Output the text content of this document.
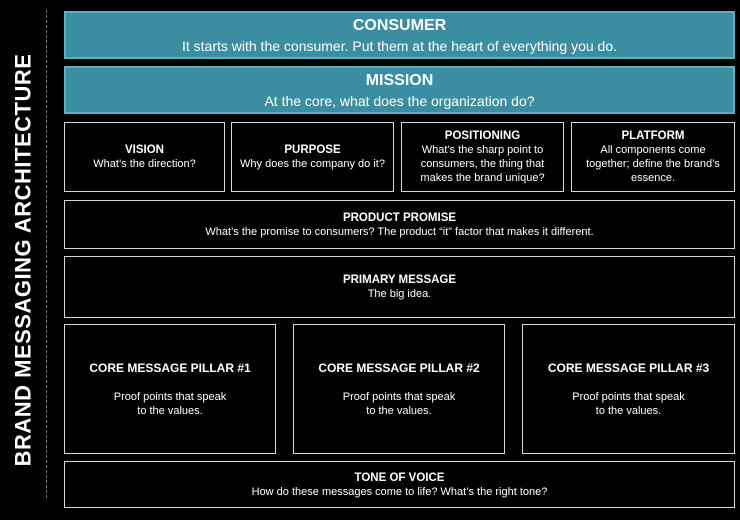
BRAND MESSAGING ARCHITECTURE
CONSUMER
It starts with the consumer. Put them at the heart of everything you do.
MISSION
At the core, what does the organization do?
VISION
What’s the direction?
PURPOSE
Why does the company do it?
POSITIONING
What’s the sharp point to consumers, the thing that makes the brand unique?
PLATFORM
All components come together; define the brand’s essence.
PRODUCT PROMISE
What’s the promise to consumers? The product “it” factor that makes it different.
PRIMARY MESSAGE
The big idea.
CORE MESSAGE PILLAR #1
Proof points that speak
to the values.
CORE MESSAGE PILLAR #2
Proof points that speak
to the values.
CORE MESSAGE PILLAR #3
Proof points that speak
to the values.
TONE OF VOICE
How do these messages come to life? What’s the right tone?
